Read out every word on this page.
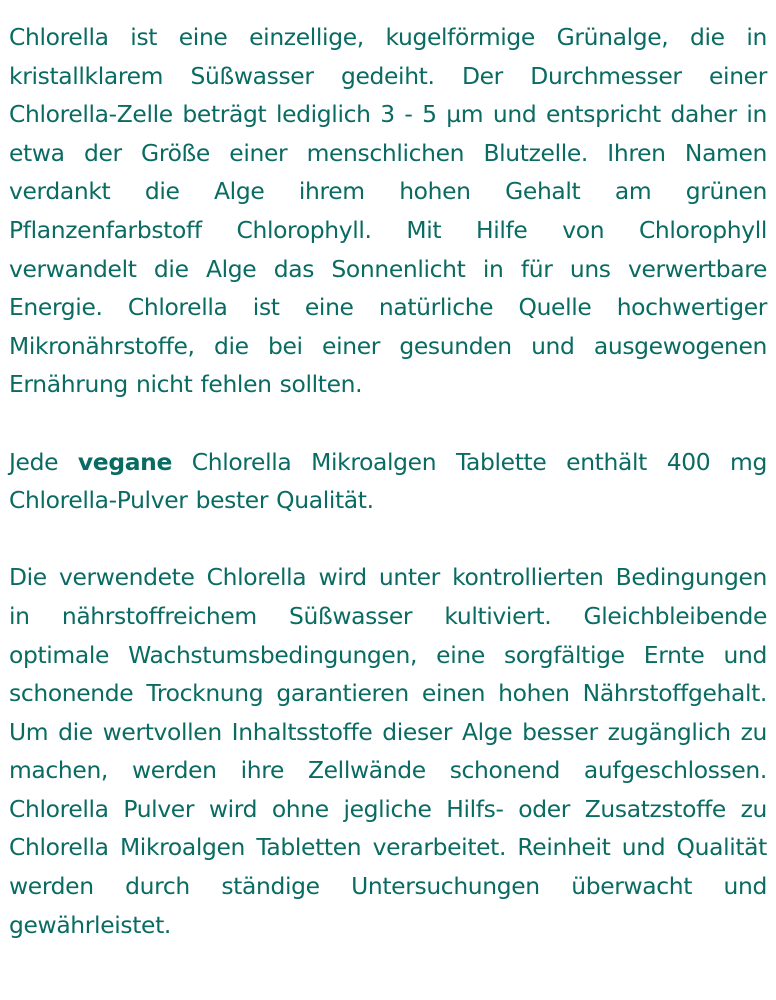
Chlorella ist eine einzellige, kugelförmige Grünalge, die in kristallklarem Süßwasser gedeiht. Der Durchmesser einer Chlorella-Zelle beträgt lediglich 3 - 5 µm und entspricht daher in etwa der Größe einer menschlichen Blutzelle. Ihren Namen verdankt die Alge ihrem hohen Gehalt am grünen Pflanzenfarbstoff Chlorophyll. Mit Hilfe von Chlorophyll verwandelt die Alge das Sonnenlicht in für uns verwertbare Energie. Chlorella ist eine natürliche Quelle hochwertiger Mikronährstoffe, die bei einer gesunden und ausgewogenen Ernährung nicht fehlen sollten.

Jede vegane Chlorella Mikroalgen Tablette enthält 400 mg Chlorella-Pulver bester Qualität.

Die verwendete Chlorella wird unter kontrollierten Bedingungen in nährstoffreichem Süßwasser kultiviert. Gleichbleibende optimale Wachstumsbedingungen, eine sorgfältige Ernte und schonende Trocknung garantieren einen hohen Nährstoffgehalt. Um die wertvollen Inhaltsstoffe dieser Alge besser zugänglich zu machen, werden ihre Zellwände schonend aufgeschlossen. Chlorella Pulver wird ohne jegliche Hilfs- oder Zusatzstoffe zu Chlorella Mikroalgen Tabletten verarbeitet. Reinheit und Qualität werden durch ständige Untersuchungen überwacht und gewährleistet.
